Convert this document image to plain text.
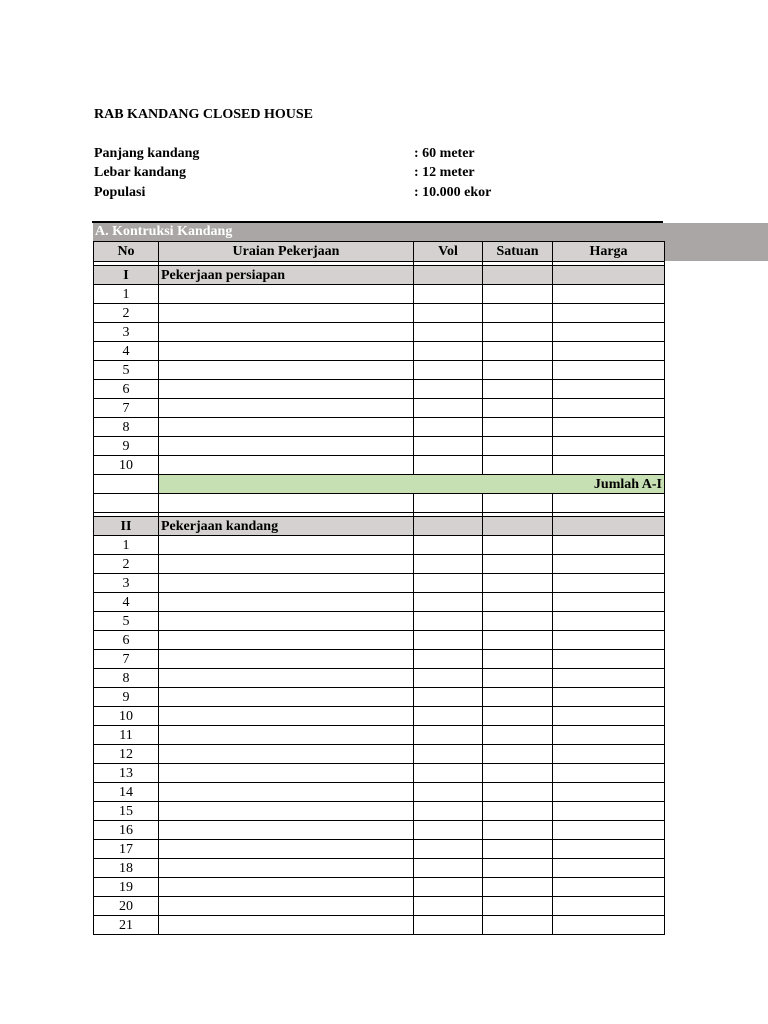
RAB KANDANG CLOSED HOUSE
Panjang kandang	: 60 meter
Lebar kandang	: 12 meter
Populasi	: 10.000 ekor
A. Kontruksi Kandang
No	Uraian Pekerjaan	Vol	Satuan	Harga

I	Pekerjaan persiapan			
1				
2				
3				
4				
5				
6				
7				
8				
9				
10				
	Jumlah A-I			

II	Pekerjaan kandang			
1				
2				
3				
4				
5				
6				
7				
8				
9				
10				
11				
12				
13				
14				
15				
16				
17				
18				
19				
20				
21				
